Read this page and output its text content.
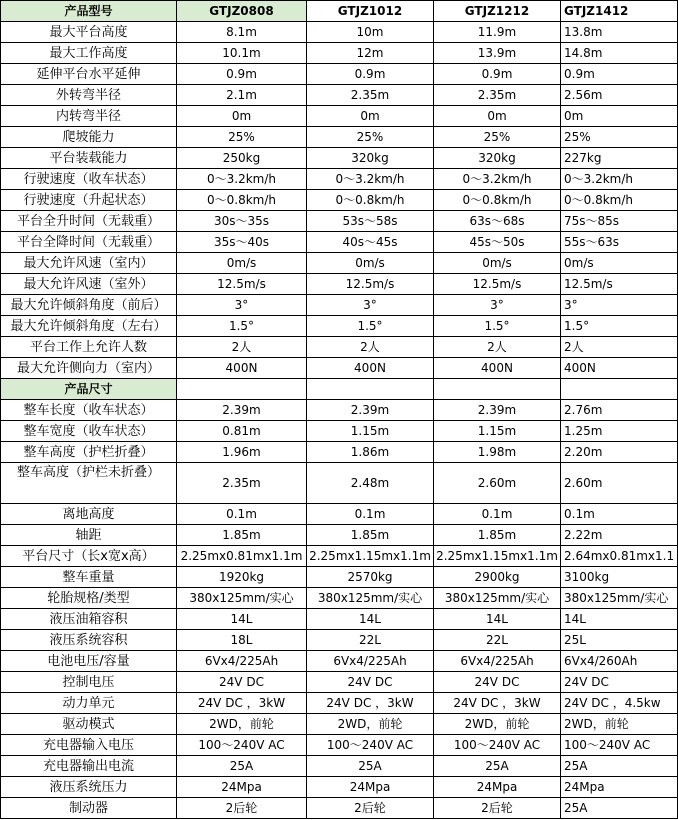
产品型号	GTJZ0808	GTJZ1012	GTJZ1212	GTJZ1412
最大平台高度	8.1m	10m	11.9m	13.8m
最大工作高度	10.1m	12m	13.9m	14.8m
延伸平台水平延伸	0.9m	0.9m	0.9m	0.9m
外转弯半径	2.1m	2.35m	2.35m	2.56m
内转弯半径	0m	0m	0m	0m
爬坡能力	25%	25%	25%	25%
平台装载能力	250kg	320kg	320kg	227kg
行驶速度（收车状态）	0～3.2km/h	0～3.2km/h	0～3.2km/h	0～3.2km/h
行驶速度（升起状态）	0～0.8km/h	0～0.8km/h	0～0.8km/h	0～0.8km/h
平台全升时间（无载重）	30s～35s	53s～58s	63s～68s	75s～85s
平台全降时间（无载重）	35s～40s	40s～45s	45s～50s	55s～63s
最大允许风速（室内）	0m/s	0m/s	0m/s	0m/s
最大允许风速（室外）	12.5m/s	12.5m/s	12.5m/s	12.5m/s
最大允许倾斜角度（前后）	3°	3°	3°	3°
最大允许倾斜角度（左右）	1.5°	1.5°	1.5°	1.5°
平台工作上允许人数	2人	2人	2人	2人
最大允许侧向力（室内）	400N	400N	400N	400N
产品尺寸				
整车长度（收车状态）	2.39m	2.39m	2.39m	2.76m
整车宽度（收车状态）	0.81m	1.15m	1.15m	1.25m
整车高度（护栏折叠）	1.96m	1.86m	1.98m	2.20m
整车高度（护栏未折叠）	2.35m	2.48m	2.60m	2.60m
离地高度	0.1m	0.1m	0.1m	0.1m
轴距	1.85m	1.85m	1.85m	2.22m
平台尺寸（长x宽x高）	2.25mx0.81mx1.1m	2.25mx1.15mx1.1m	2.25mx1.15mx1.1m	2.64mx0.81mx1.1
整车重量	1920kg	2570kg	2900kg	3100kg
轮胎规格/类型	380x125mm/实心	380x125mm/实心	380x125mm/实心	380x125mm/实心
液压油箱容积	14L	14L	14L	14L
液压系统容积	18L	22L	22L	25L
电池电压/容量	6Vx4/225Ah	6Vx4/225Ah	6Vx4/225Ah	6Vx4/260Ah
控制电压	24V DC	24V DC	24V DC	24V DC
动力单元	24V DC ，3kW	24V DC ，3kW	24V DC ，3kW	24V DC ，4.5kw
驱动模式	2WD，前轮	2WD，前轮	2WD，前轮	2WD，前轮
充电器输入电压	100～240V AC	100～240V AC	100～240V AC	100～240V AC
充电器输出电流	25A	25A	25A	25A
液压系统压力	24Mpa	24Mpa	24Mpa	24Mpa
制动器	2后轮	2后轮	2后轮	25A
